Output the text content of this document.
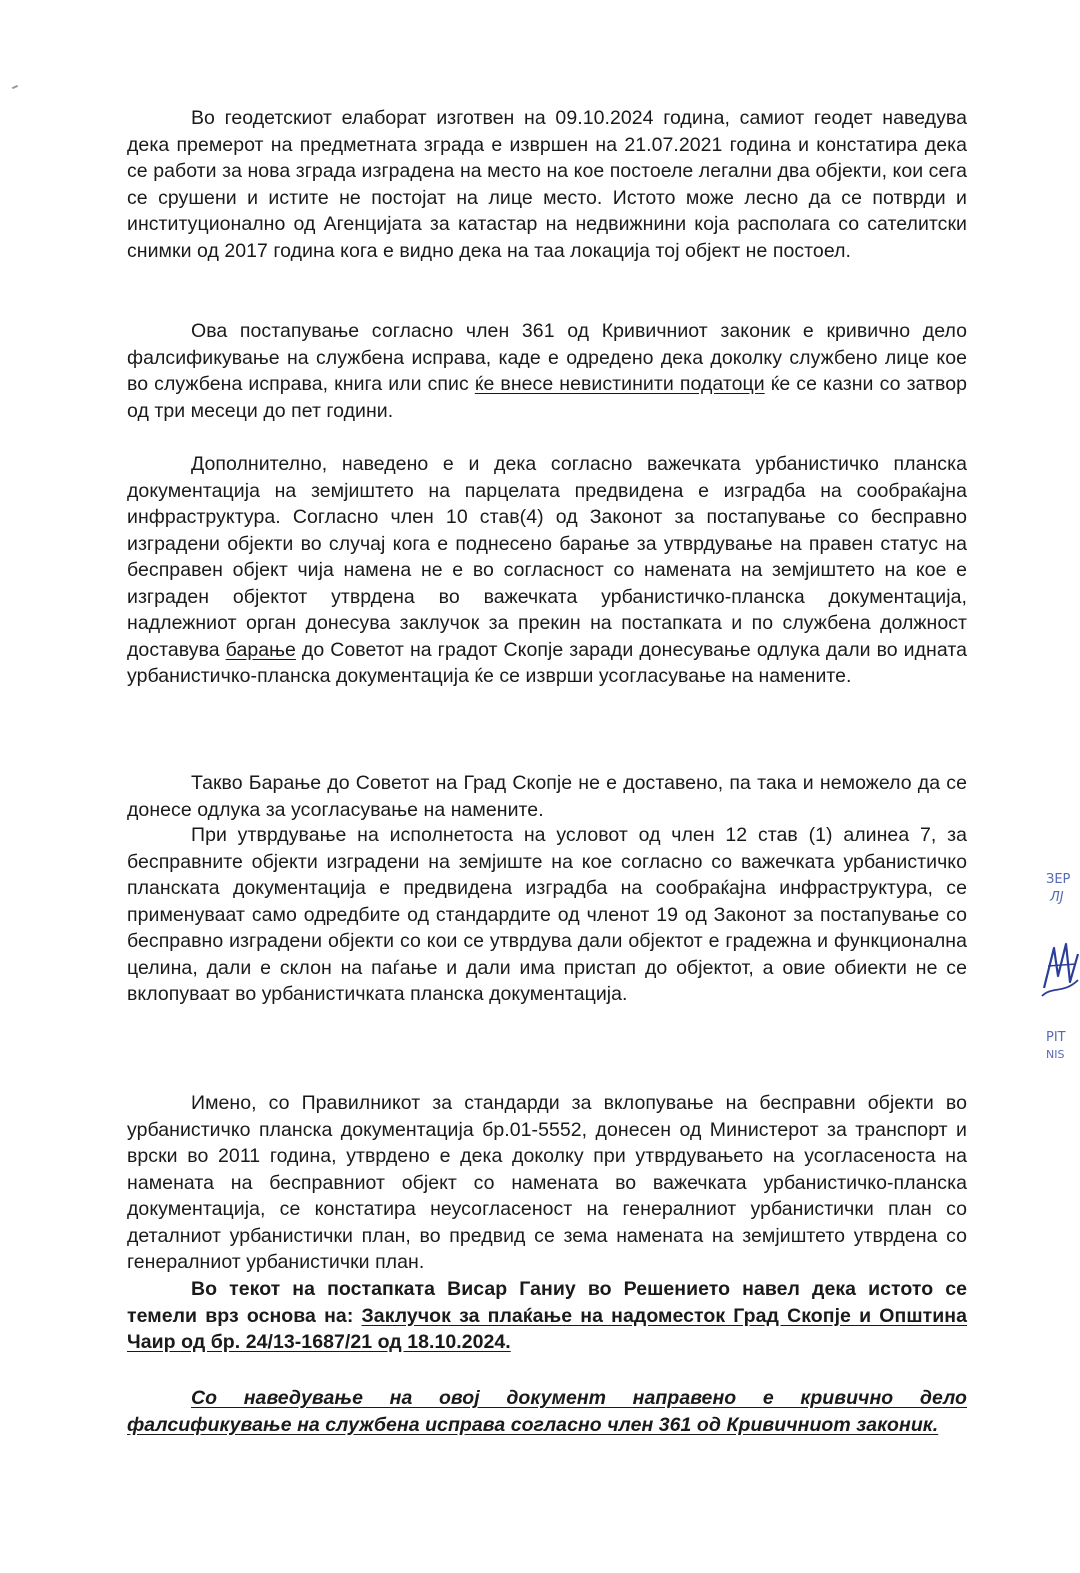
Во геодетскиот елаборат изготвен на 09.10.2024 година, самиот геодет наведува дека премерот на предметната зграда е извршен на 21.07.2021 година и констатира дека се работи за нова зграда изградена на место на кое постоеле легални два објекти, кои сега се срушени и истите не постојат на лице место. Истото може лесно да се потврди и институционално од Агенцијата за катастар на недвижнини која располага со сателитски снимки од 2017 година кога е видно дека на таа локација тој објект не постоел.

Ова постапување согласно член 361 од Кривичниот законик е кривично дело фалсификување на службена исправа, каде е одредено дека доколку службено лице кое во службена исправа, книга или спис ќе внесе невистинити податоци ќе се казни со затвор од три месеци до пет години.

Дополнително, наведено е и дека согласно важечката урбанистичко планска документација на земјиштето на парцелата предвидена е изградба на сообраќајна инфраструктура. Согласно член 10 став(4) од Законот за постапување со бесправно изградени објекти во случај кога е поднесено барање за утврдување на правен статус на бесправен објект чија намена не е во согласност со намената на земјиштето на кое е изграден објектот утврдена во важечката урбанистичко-планска документација, надлежниот орган донесува заклучок за прекин на постапката и по службена должност доставува барање до Советот на градот Скопје заради донесување одлука дали во идната урбанистичко-планска документација ќе се изврши усогласување на намените.

Такво Барање до Советот на Град Скопје не е доставено, па така и неможело да се донесе одлука за усогласување на намените.

При утврдување на исполнетоста на условот од член 12 став (1) алинеа 7, за бесправните објекти изградени на земјиште на кое согласно со важечката урбанистичко планската документација е предвидена изградба на сообраќајна инфраструктура, се применуваат само одредбите од стандардите од членот 19 од Законот за постапување со бесправно изградени објекти со кои се утврдува дали објектот е градежна и функционална целина, дали е склон на паѓање и дали има пристап до објектот, а овие обиекти не се вклопуваат во урбанистичката планска документација.

Имено, со Правилникот за стандарди за вклопување на бесправни објекти во урбанистичко планска документација бр.01-5552, донесен од Министерот за транспорт и врски во 2011 година, утврдено е дека доколку при утврдувањето на усогласеноста на намената на бесправниот објект со намената во важечката урбанистичко-планска документација, се констатира неусогласеност на генералниот урбанистички план со деталниот урбанистички план, во предвид се зема намената на земјиштето утврдена со генералниот урбанистички план.

Во текот на постапката Висар Ганиу во Решението навел дека истото се темели врз основа на: Заклучок за плаќање на надоместок Град Скопје и Општина Чаир од бр. 24/13-1687/21 од 18.10.2024.

Со наведување на овој документ направено е кривично дело фалсификување на службена исправа согласно член 361 од Кривичниот законик.

ЗЕР
ЛЈ
PIT
NIS
